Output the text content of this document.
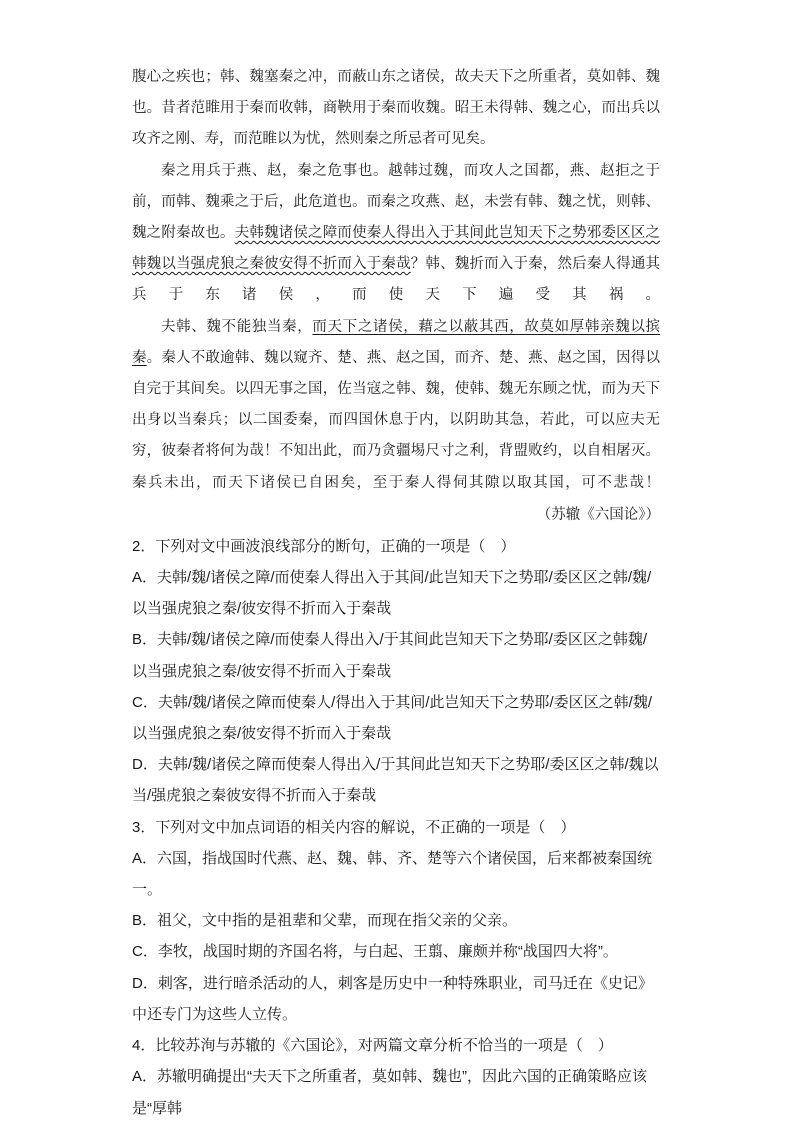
腹心之疾也；韩、魏塞秦之冲，而蔽山东之诸侯，故夫天下之所重者，莫如韩、魏也。昔者范睢用于秦而收韩，商鞅用于秦而收魏。昭王未得韩、魏之心，而出兵以攻齐之刚、寿，而范睢以为忧，然则秦之所忌者可见矣。

秦之用兵于燕、赵，秦之危事也。越韩过魏，而攻人之国都，燕、赵拒之于前，而韩、魏乘之于后，此危道也。而秦之攻燕、赵，未尝有韩、魏之忧，则韩、魏之附秦故也。夫韩魏诸侯之障而使秦人得出入于其间此岂知天下之势邪委区区之韩魏以当强虎狼之秦彼安得不折而入于秦哉？韩、魏折而入于秦，然后秦人得通其兵于东诸侯，而使天下遍受其祸。

夫韩、魏不能独当秦，而天下之诸侯，藉之以蔽其西，故莫如厚韩亲魏以摈秦。秦人不敢逾韩、魏以窥齐、楚、燕、赵之国，而齐、楚、燕、赵之国，因得以自完于其间矣。以四无事之国，佐当寇之韩、魏，使韩、魏无东顾之忧，而为天下出身以当秦兵；以二国委秦，而四国休息于内，以阴助其急，若此，可以应夫无穷，彼秦者将何为哉！不知出此，而乃贪疆埸尺寸之利，背盟败约，以自相屠灭。秦兵未出，而天下诸侯已自困矣，至于秦人得伺其隙以取其国，可不悲哉！

（苏辙《六国论》）

2．下列对文中画波浪线部分的断句，正确的一项是（　）

A．夫韩/魏/诸侯之障/而使秦人得出入于其间/此岂知天下之势耶/委区区之韩/魏/以当强虎狼之秦/彼安得不折而入于秦哉

B．夫韩/魏/诸侯之障/而使秦人得出入/于其间此岂知天下之势耶/委区区之韩魏/以当强虎狼之秦/彼安得不折而入于秦哉

C．夫韩/魏/诸侯之障而使秦人/得出入于其间/此岂知天下之势耶/委区区之韩/魏/以当强虎狼之秦/彼安得不折而入于秦哉

D．夫韩/魏/诸侯之障而使秦人得出入/于其间此岂知天下之势耶/委区区之韩/魏以当/强虎狼之秦彼安得不折而入于秦哉

3．下列对文中加点词语的相关内容的解说，不正确的一项是（　）

A．六国，指战国时代燕、赵、魏、韩、齐、楚等六个诸侯国，后来都被秦国统一。

B．祖父，文中指的是祖辈和父辈，而现在指父亲的父亲。

C．李牧，战国时期的齐国名将，与白起、王翦、廉颇并称“战国四大将”。

D．刺客，进行暗杀活动的人，刺客是历史中一种特殊职业，司马迁在《史记》中还专门为这些人立传。

4．比较苏洵与苏辙的《六国论》，对两篇文章分析不恰当的一项是（　）

A．苏辙明确提出“夫天下之所重者，莫如韩、魏也”，因此六国的正确策略应该是“厚韩
